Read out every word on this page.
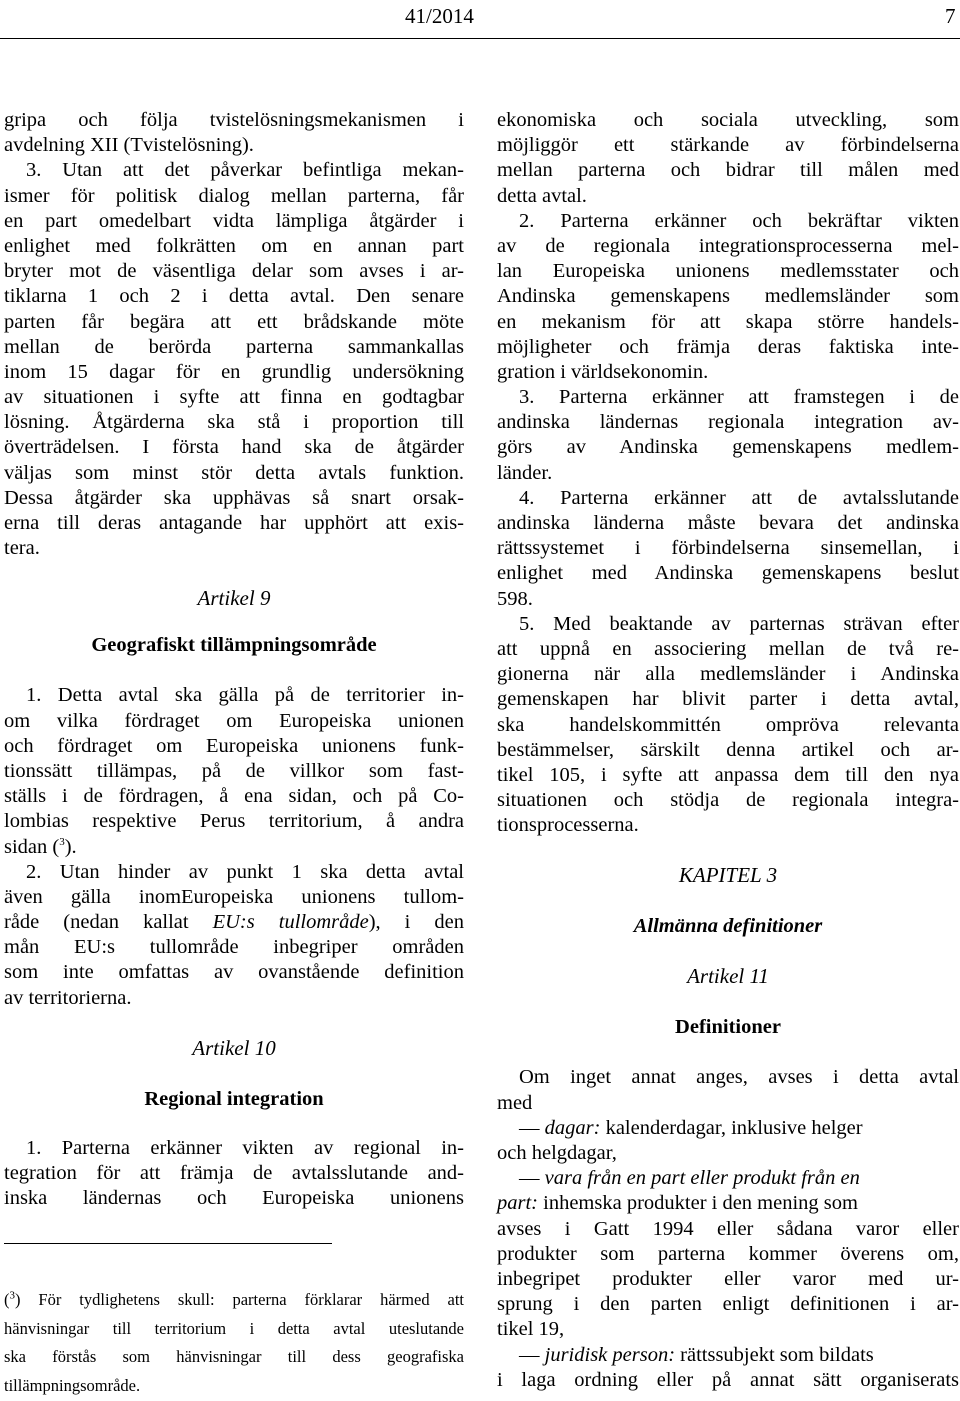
41/2014	7
gripa och följa tvistelösningsmekanismen i
avdelning XII (Tvistelösning).
3. Utan att det påverkar befintliga mekan-
ismer för politisk dialog mellan parterna, får
en part omedelbart vidta lämpliga åtgärder i
enlighet med folkrätten om en annan part
bryter mot de väsentliga delar som avses i ar-
tiklarna 1 och 2 i detta avtal. Den senare
parten får begära att ett brådskande möte
mellan de berörda parterna sammankallas
inom 15 dagar för en grundlig undersökning
av situationen i syfte att finna en godtagbar
lösning. Åtgärderna ska stå i proportion till
överträdelsen. I första hand ska de åtgärder
väljas som minst stör detta avtals funktion.
Dessa åtgärder ska upphävas så snart orsak-
erna till deras antagande har upphört att exis-
tera.
Artikel 9
Geografiskt tillämpningsområde
1. Detta avtal ska gälla på de territorier in-
om vilka fördraget om Europeiska unionen
och fördraget om Europeiska unionens funk-
tionssätt tillämpas, på de villkor som fast-
ställs i de fördragen, å ena sidan, och på Co-
lombias respektive Perus territorium, å andra
sidan ($^3$).
2. Utan hinder av punkt 1 ska detta avtal
även gälla inomEuropeiska unionens tullom-
råde (nedan kallat EU:s tullområde), i den
mån EU:s tullområde inbegriper områden
som inte omfattas av ovanstående definition
av territorierna.
Artikel 10
Regional integration
1. Parterna erkänner vikten av regional in-
tegration för att främja de avtalsslutande and-
inska ländernas och Europeiska unionens
($^3$) För tydlighetens skull: parterna förklarar härmed att
hänvisningar till territorium i detta avtal uteslutande
ska förstås som hänvisningar till dess geografiska
tillämpningsområde.
ekonomiska och sociala utveckling, som
möjliggör ett stärkande av förbindelserna
mellan parterna och bidrar till målen med
detta avtal.
2. Parterna erkänner och bekräftar vikten
av de regionala integrationsprocesserna mel-
lan Europeiska unionens medlemsstater och
Andinska gemenskapens medlemsländer som
en mekanism för att skapa större handels-
möjligheter och främja deras faktiska inte-
gration i världsekonomin.
3. Parterna erkänner att framstegen i de
andinska ländernas regionala integration av-
görs av Andinska gemenskapens medlem-
länder.
4. Parterna erkänner att de avtalsslutande
andinska länderna måste bevara det andinska
rättssystemet i förbindelserna sinsemellan, i
enlighet med Andinska gemenskapens beslut
598.
5. Med beaktande av parternas strävan efter
att uppnå en associering mellan de två re-
gionerna när alla medlemsländer i Andinska
gemenskapen har blivit parter i detta avtal,
ska handelskommittén ompröva relevanta
bestämmelser, särskilt denna artikel och ar-
tikel 105, i syfte att anpassa dem till den nya
situationen och stödja de regionala integra-
tionsprocesserna.
KAPITEL 3
Allmänna definitioner
Artikel 11
Definitioner
Om inget annat anges, avses i detta avtal
med
— dagar: kalenderdagar, inklusive helger
och helgdagar,
— vara från en part eller produkt från en
part: inhemska produkter i den mening som
avses i Gatt 1994 eller sådana varor eller
produkter som parterna kommer överens om,
inbegripet produkter eller varor med ur-
sprung i den parten enligt definitionen i ar-
tikel 19,
— juridisk person: rättssubjekt som bildats
i laga ordning eller på annat sätt organiserats
